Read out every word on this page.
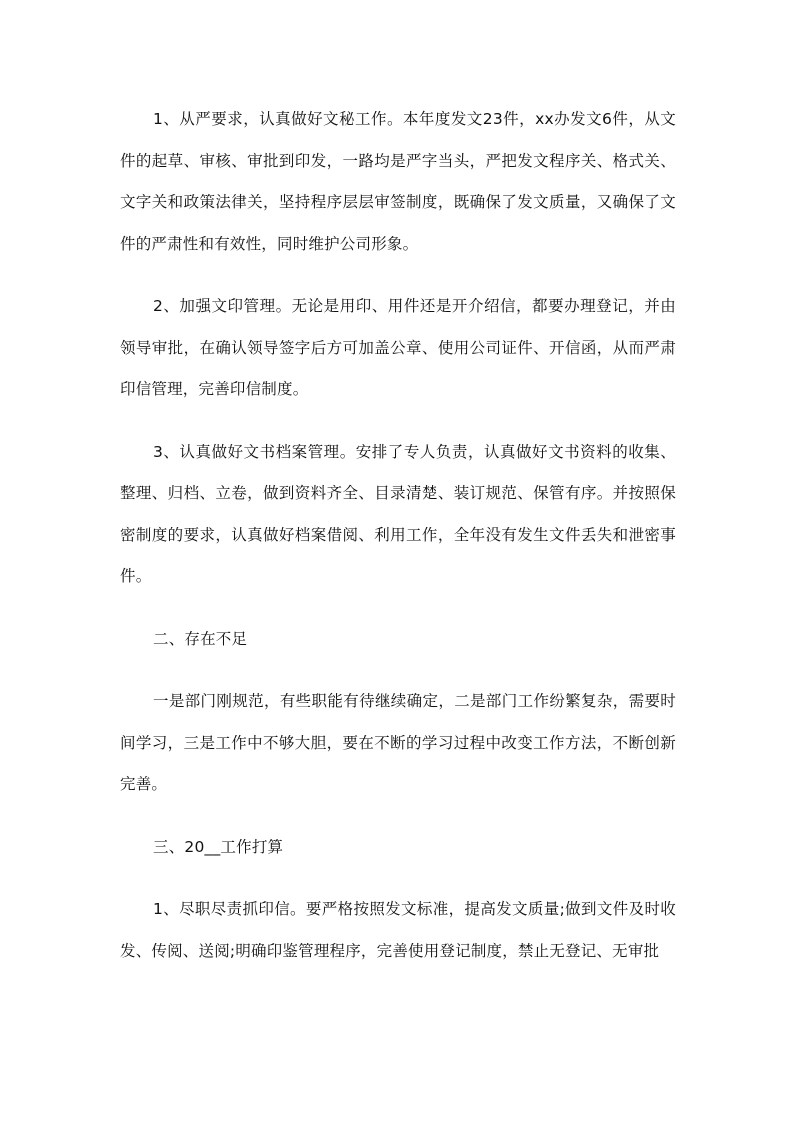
1、从严要求，认真做好文秘工作。本年度发文23件，xx办发文6件，从文件的起草、审核、审批到印发，一路均是严字当头，严把发文程序关、格式关、文字关和政策法律关，坚持程序层层审签制度，既确保了发文质量，又确保了文件的严肃性和有效性，同时维护公司形象。

2、加强文印管理。无论是用印、用件还是开介绍信，都要办理登记，并由领导审批，在确认领导签字后方可加盖公章、使用公司证件、开信函，从而严肃印信管理，完善印信制度。

3、认真做好文书档案管理。安排了专人负责，认真做好文书资料的收集、整理、归档、立卷，做到资料齐全、目录清楚、装订规范、保管有序。并按照保密制度的要求，认真做好档案借阅、利用工作，全年没有发生文件丢失和泄密事件。

二、存在不足

一是部门刚规范，有些职能有待继续确定，二是部门工作纷繁复杂，需要时间学习，三是工作中不够大胆，要在不断的学习过程中改变工作方法，不断创新完善。

三、20__工作打算

1、尽职尽责抓印信。要严格按照发文标准，提高发文质量;做到文件及时收发、传阅、送阅;明确印鉴管理程序，完善使用登记制度，禁止无登记、无审批
